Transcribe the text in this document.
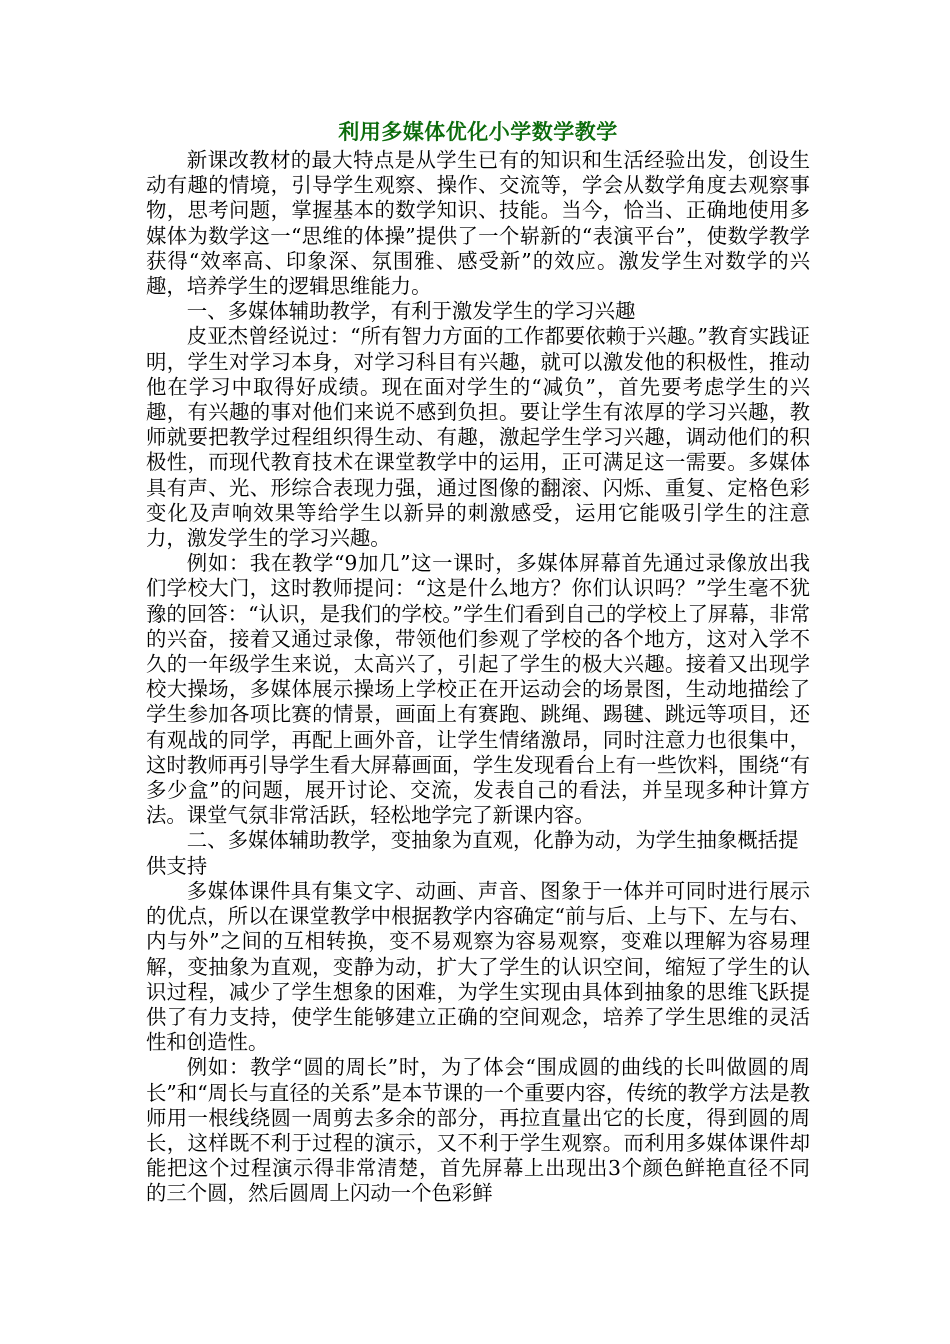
利用多媒体优化小学数学教学

新课改教材的最大特点是从学生已有的知识和生活经验出发，创设生动有趣的情境，引导学生观察、操作、交流等，学会从数学角度去观察事物，思考问题，掌握基本的数学知识、技能。当今，恰当、正确地使用多媒体为数学这一“思维的体操”提供了一个崭新的“表演平台”，使数学教学获得“效率高、印象深、氛围雅、感受新”的效应。激发学生对数学的兴趣，培养学生的逻辑思维能力。

一、多媒体辅助教学，有利于激发学生的学习兴趣

皮亚杰曾经说过：“所有智力方面的工作都要依赖于兴趣。”教育实践证明，学生对学习本身，对学习科目有兴趣，就可以激发他的积极性，推动他在学习中取得好成绩。现在面对学生的“减负”，首先要考虑学生的兴趣，有兴趣的事对他们来说不感到负担。要让学生有浓厚的学习兴趣，教师就要把教学过程组织得生动、有趣，激起学生学习兴趣，调动他们的积极性，而现代教育技术在课堂教学中的运用，正可满足这一需要。多媒体具有声、光、形综合表现力强，通过图像的翻滚、闪烁、重复、定格色彩变化及声响效果等给学生以新异的刺激感受，运用它能吸引学生的注意力，激发学生的学习兴趣。

例如：我在教学“9加几”这一课时，多媒体屏幕首先通过录像放出我们学校大门，这时教师提问：“这是什么地方？你们认识吗？”学生毫不犹豫的回答：“认识，是我们的学校。”学生们看到自己的学校上了屏幕，非常的兴奋，接着又通过录像，带领他们参观了学校的各个地方，这对入学不久的一年级学生来说，太高兴了，引起了学生的极大兴趣。接着又出现学校大操场，多媒体展示操场上学校正在开运动会的场景图，生动地描绘了学生参加各项比赛的情景，画面上有赛跑、跳绳、踢毽、跳远等项目，还有观战的同学，再配上画外音，让学生情绪激昂，同时注意力也很集中，这时教师再引导学生看大屏幕画面，学生发现看台上有一些饮料，围绕“有多少盒”的问题，展开讨论、交流，发表自己的看法，并呈现多种计算方法。课堂气氛非常活跃，轻松地学完了新课内容。

二、多媒体辅助教学，变抽象为直观，化静为动，为学生抽象概括提供支持

多媒体课件具有集文字、动画、声音、图象于一体并可同时进行展示的优点，所以在课堂教学中根据教学内容确定“前与后、上与下、左与右、内与外”之间的互相转换，变不易观察为容易观察，变难以理解为容易理解，变抽象为直观，变静为动，扩大了学生的认识空间，缩短了学生的认识过程，减少了学生想象的困难，为学生实现由具体到抽象的思维飞跃提供了有力支持，使学生能够建立正确的空间观念，培养了学生思维的灵活性和创造性。

例如：教学“圆的周长”时，为了体会“围成圆的曲线的长叫做圆的周长”和“周长与直径的关系”是本节课的一个重要内容，传统的教学方法是教师用一根线绕圆一周剪去多余的部分，再拉直量出它的长度，得到圆的周长，这样既不利于过程的演示，又不利于学生观察。而利用多媒体课件却能把这个过程演示得非常清楚，首先屏幕上出现出3个颜色鲜艳直径不同的三个圆，然后圆周上闪动一个色彩鲜
